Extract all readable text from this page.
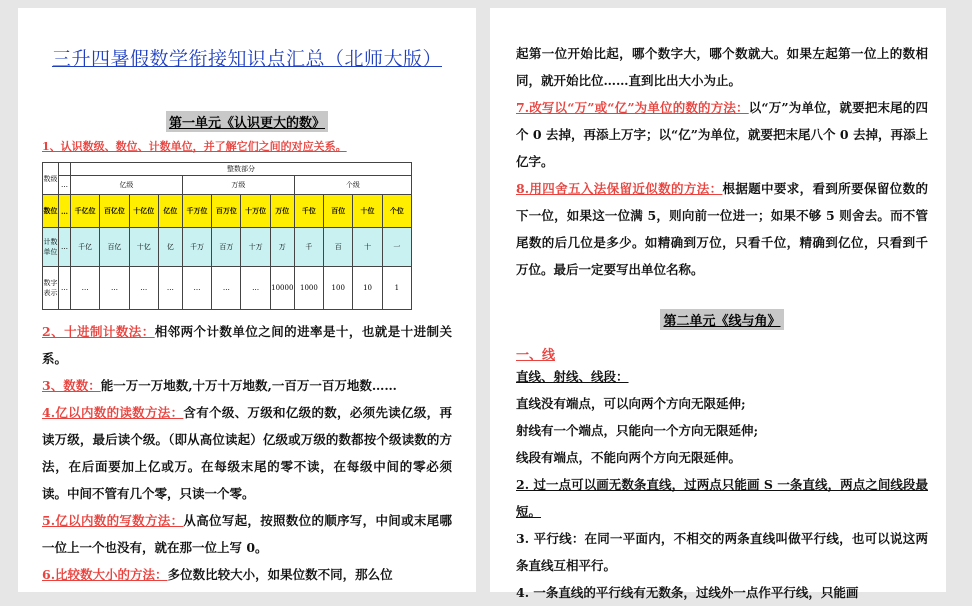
三升四暑假数学衔接知识点汇总（北师大版）
第一单元《认识更大的数》
1、认识数级、数位、计数单位，并了解它们之间的对应关系。
数级		整数部分											
	…	亿级				万级				个级			
数位	…	千亿位	百亿位	十亿位	亿位	千万位	百万位	十万位	万位	千位	百位	十位	个位
计数单位	…	千亿	百亿	十亿	亿	千万	百万	十万	万	千	百	十	一
数字表示	…	…	…	…	…	…	…	…	10000	1000	100	10	1
2、十进制计数法：相邻两个计数单位之间的进率是十，也就是十进制关系。
3、数数：能一万一万地数,十万十万地数,一百万一百万地数……
4.亿以内数的读数方法：含有个级、万级和亿级的数，必须先读亿级，再读万级，最后读个级。（即从高位读起）亿级或万级的数都按个级读数的方法，在后面要加上亿或万。在每级末尾的零不读，在每级中间的零必须读。中间不管有几个零，只读一个零。
5.亿以内数的写数方法：从高位写起，按照数位的顺序写，中间或末尾哪一位上一个也没有，就在那一位上写 0。
6.比较数大小的方法：多位数比较大小，如果位数不同，那么位
起第一位开始比起，哪个数字大，哪个数就大。如果左起第一位上的数相同，就开始比位……直到比出大小为止。
7.改写以“万”或“亿”为单位的数的方法：以“万”为单位，就要把末尾的四个 0 去掉，再添上万字；以“亿”为单位，就要把末尾八个 0 去掉，再添上亿字。
8.用四舍五入法保留近似数的方法：根据题中要求，看到所要保留位数的下一位，如果这一位满 5，则向前一位进一；如果不够 5 则舍去。而不管尾数的后几位是多少。如精确到万位，只看千位，精确到亿位，只看到千万位。最后一定要写出单位名称。
第二单元《线与角》
一、线
直线、射线、线段：
直线没有端点，可以向两个方向无限延伸;
射线有一个端点，只能向一个方向无限延伸;
线段有端点，不能向两个方向无限延伸。
2. 过一点可以画无数条直线，过两点只能画 S 一条直线，两点之间线段最短。
3. 平行线：在同一平面内，不相交的两条直线叫做平行线，也可以说这两条直线互相平行。
4. 一条直线的平行线有无数条，过线外一点作平行线，只能画
